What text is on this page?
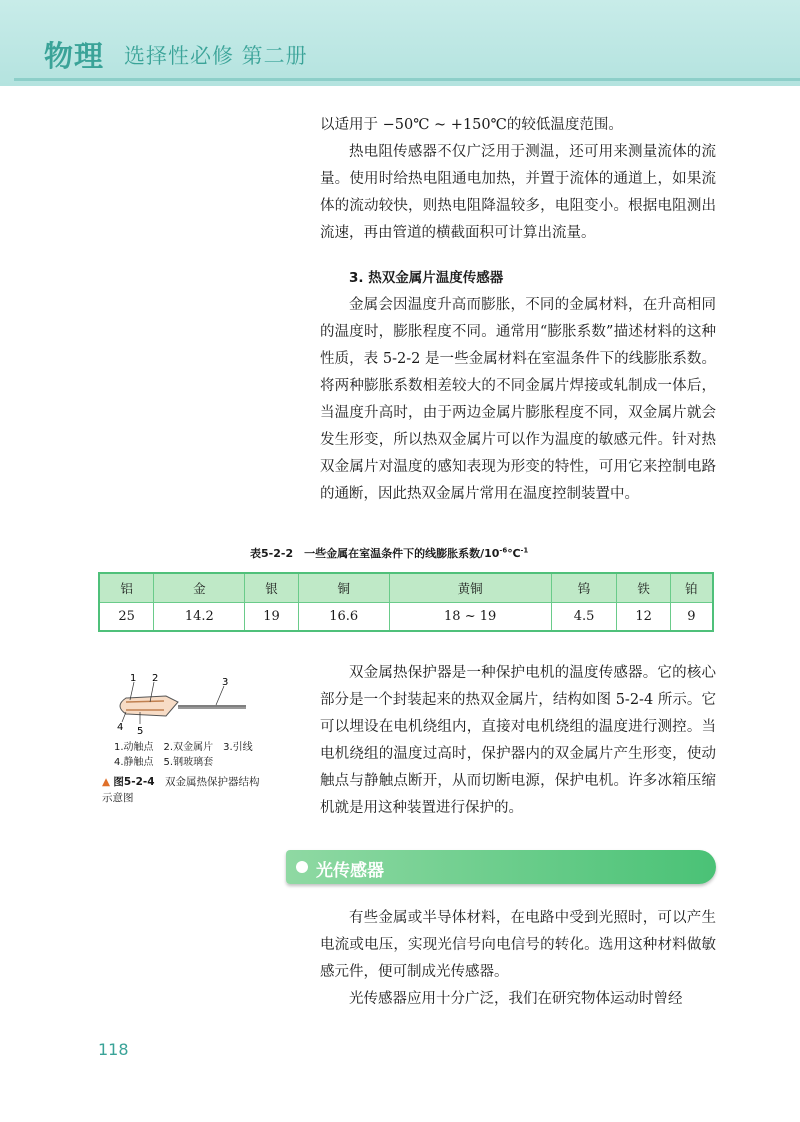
物理 选择性必修 第二册

以适用于 −50℃ ~ +150℃的较低温度范围。

热电阻传感器不仅广泛用于测温，还可用来测量流体的流量。使用时给热电阻通电加热，并置于流体的通道上，如果流体的流动较快，则热电阻降温较多，电阻变小。根据电阻测出流速，再由管道的横截面积可计算出流量。

3. 热双金属片温度传感器

金属会因温度升高而膨胀，不同的金属材料，在升高相同的温度时，膨胀程度不同。通常用“膨胀系数”描述材料的这种性质，表 5-2-2 是一些金属材料在室温条件下的线膨胀系数。将两种膨胀系数相差较大的不同金属片焊接或轧制成一体后，当温度升高时，由于两边金属片膨胀程度不同，双金属片就会发生形变，所以热双金属片可以作为温度的敏感元件。针对热双金属片对温度的感知表现为形变的特性，可用它来控制电路的通断，因此热双金属片常用在温度控制装置中。

表5-2-2　一些金属在室温条件下的线膨胀系数$/10^{-6}℃^{-1}$
铝	金	银	铜	黄铜	钨	铁	铂
25	14.2	19	16.6	18 ~ 19	4.5	12	9
1 2	3
4 5
1.动触点　2.双金属片　3.引线
4.静触点　5.钢玻璃套
▲ 图5-2-4　双金属热保护器结构示意图

双金属热保护器是一种保护电机的温度传感器。它的核心部分是一个封装起来的热双金属片，结构如图 5-2-4 所示。它可以埋设在电机绕组内，直接对电机绕组的温度进行测控。当电机绕组的温度过高时，保护器内的双金属片产生形变，使动触点与静触点断开，从而切断电源，保护电机。许多冰箱压缩机就是用这种装置进行保护的。

光传感器

有些金属或半导体材料，在电路中受到光照时，可以产生电流或电压，实现光信号向电信号的转化。选用这种材料做敏感元件，便可制成光传感器。

光传感器应用十分广泛，我们在研究物体运动时曾经

118
